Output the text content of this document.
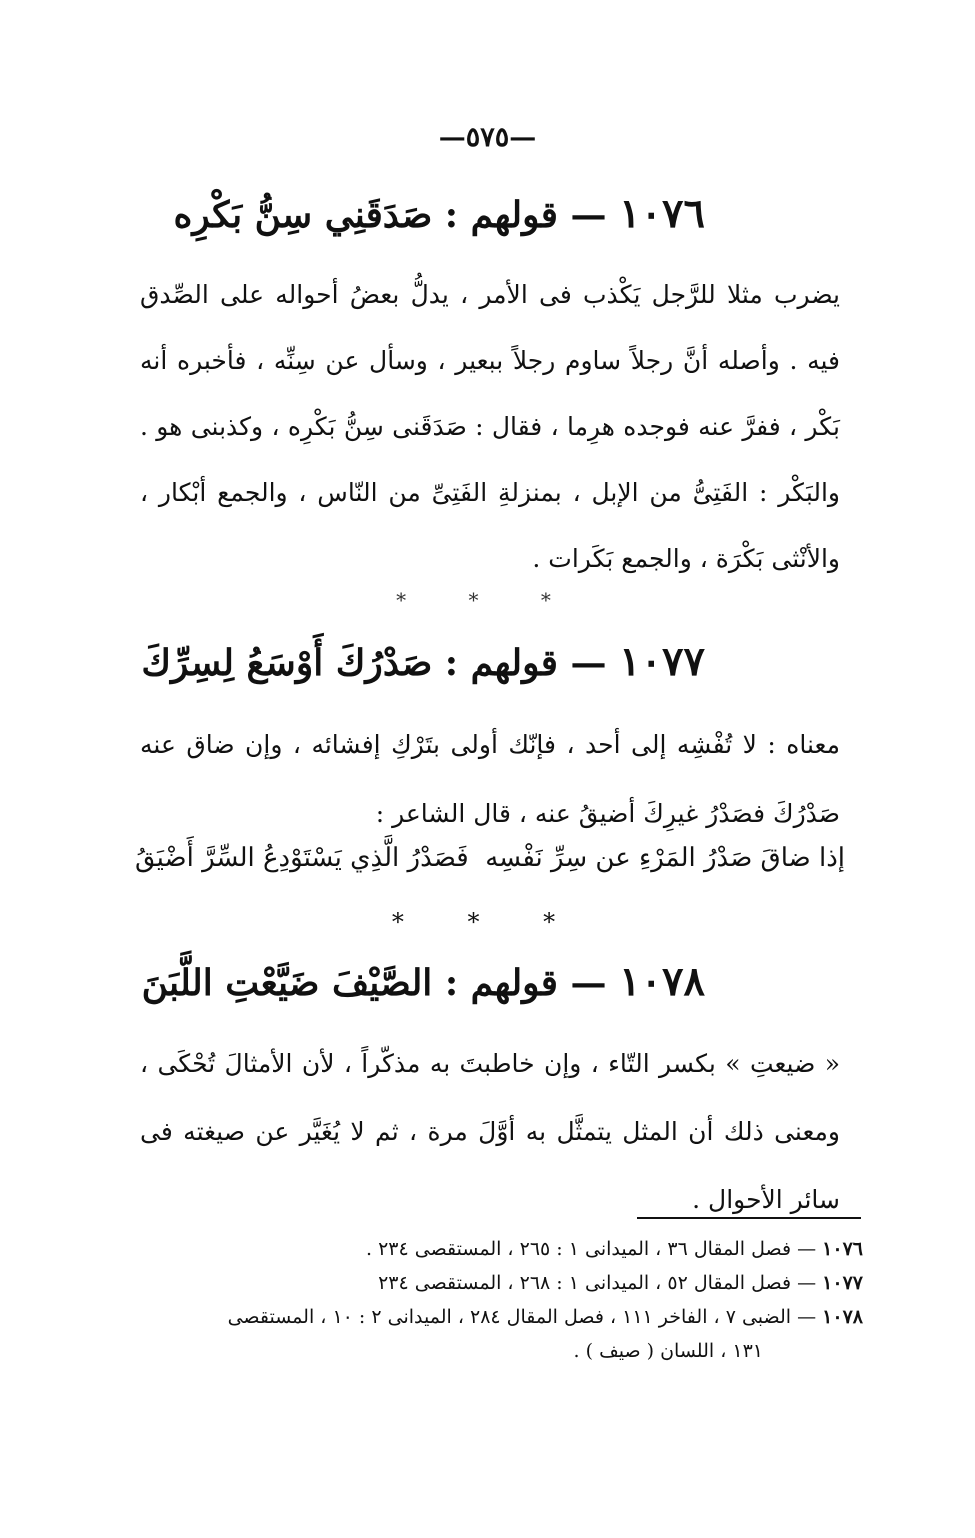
—٥٧٥—
١٠٧٦ — قولهم : صَدَقَنِي سِنُّ بَكْرِه
يضرب مثلا للرَّجل يَكْذب فى الأمر ، يدلُّ بعضُ أحواله على الصِّدق فيه . وأصله أنَّ رجلاً ساوم رجلاً ببعير ، وسأل عن سِنِّه ، فأخبره أنه بَكْر ، ففرَّ عنه فوجده هرِما ، فقال : صَدَقَنى سِنُّ بَكْرِه ، وكذبنى هو . والبَكْر : الفَتِىُّ من الإبل ، بمنزلةِ الفَتِىِّ من النّاس ، والجمع أبْكار ، والأنْثى بَكْرَة ، والجمع بَكَرات .
* * *
١٠٧٧ — قولهم : صَدْرُكَ أَوْسَعُ لِسِرِّكَ
معناه : لا تُفْشِه إلى أحد ، فإنّك أولى بتَرْكِ إفشائه ، وإن ضاق عنه صَدْرُكَ فصَدْرُ غيرِكَ أضيقُ عنه ، قال الشاعر :
إذا ضاقَ صَدْرُ المَرْءِ عن سِرِّ نَفْسِه
فَصَدْرُ الَّذِي يَسْتَوْدِعُ السِّرَّ أَضْيَقُ
* * *
١٠٧٨ — قولهم : الصَّيْفَ ضَيَّعْتِ اللَّبَنَ
« ضيعتِ » بكسر التّاء ، وإن خاطبتَ به مذكّراً ، لأن الأمثالَ تُحْكَى ، ومعنى ذلك أن المثل يتمثَّل به أوَّلَ مرة ، ثم لا يُغَيَّر عن صيغته فى سائر الأحوال .
١٠٧٦ — فصل المقال ٣٦ ، الميدانى ١ : ٢٦٥ ، المستقصى ٢٣٤ .
١٠٧٧ — فصل المقال ٥٢ ، الميدانى ١ : ٢٦٨ ، المستقصى ٢٣٤
١٠٧٨ — الضبى ٧ ، الفاخر ١١١ ، فصل المقال ٢٨٤ ، الميدانى ٢ : ١٠ ، المستقصى
١٣١ ، اللسان ( صيف ) .
